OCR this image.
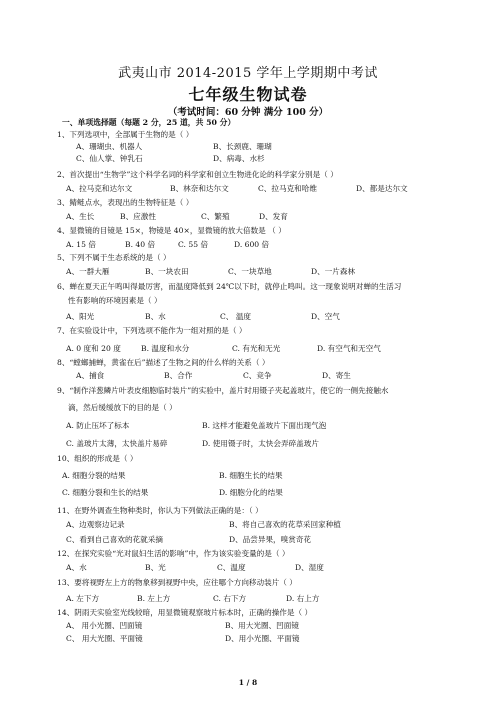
武夷山市 2014-2015 学年上学期期中考试
七年级生物试卷
（考试时间：60 分钟 满分 100 分）
一、单项选择题（每题 2 分，25 道，共 50 分）
1、下列选项中，全部属于生物的是（ ）
A、珊瑚虫、机器人	B、长颈鹿、珊瑚
C、仙人掌、钟乳石	D、病毒、水杉
2、首次提出“生物学”这个科学名词的科学家和创立生物进化论的科学家分别是（ ）
A、拉马克和达尔文	B、林奈和达尔文	C、拉马克和哈维	D、都是达尔文
3、鲭鲢点水，表现出的生物特征是（ ）
A、生长	B、应激性	C、繁殖	D、发育
4、显微镜的目镜是 15×，物镜是 40×，显微镜的放大倍数是 （ ）
A. 15 倍	B. 40 倍	C. 55 倍	D. 600 倍
5、下列不属于生态系统的是（ ）
A、一群大雁	B、一块农田	C、一块草地	D、一片森林
6、蝉在夏天正午鸣叫得最厉害，而温度降低到 24℃以下时，就停止鸣叫。这一现象说明对蝉的生活习
性有影响的环境因素是（ ）
A、阳光	B、水	C、 温度	D、空气
7、在实验设计中，下列选项不能作为一组对照的是（ ）
A. 0 度和 20 度	B. 温度和水分	C. 有光和无光	D. 有空气和无空气
8、“螳螂捕蝉，黄雀在后”描述了生物之间的什么样的关系（ ）
A、捕食	B、合作	C、竞争	D、寄生
9、“制作洋葱鳞片叶表皮细胞临时装片”的实验中，盖片时用镊子夹起盖玻片，使它的一侧先接触水
滴，然后缓缓放下的目的是（ ）
A. 防止压坏了标本	B. 这样才能避免盖玻片下面出现气泡
C. 盖玻片太薄，太快盖片易碎	D. 使用镊子时，太快会弄碎盖玻片
10、组织的形成是（ ）
A. 细胞分裂的结果	B. 细胞生长的结果
C. 细胞分裂和生长的结果	D. 细胞分化的结果
11、在野外调查生物种类时，你认为下列做法正确的是：（ ）
A、边观察边记录	B、将自己喜欢的花草采回家种植
C、看到自己喜欢的花就采摘	D、品尝异果，嗅赏奇花
12、在探究实验“光对鼠妇生活的影响”中，作为该实验变量的是（ ）
A、水	B、光	C、温度	D、湿度
13、要将视野左上方的物象移到视野中央，应往哪个方向移动装片（ ）
A. 左下方	B. 左上方	C. 右下方	D. 右上方
14、阴雨天实验室光线较暗，用显微镜观察玻片标本时，正确的操作是（ ）
A、 用小光圈、凹面镜	B、用大光圈、凹面镜
C、 用大光圈、平面镜	D、用小光圈、平面镜
1 / 8
